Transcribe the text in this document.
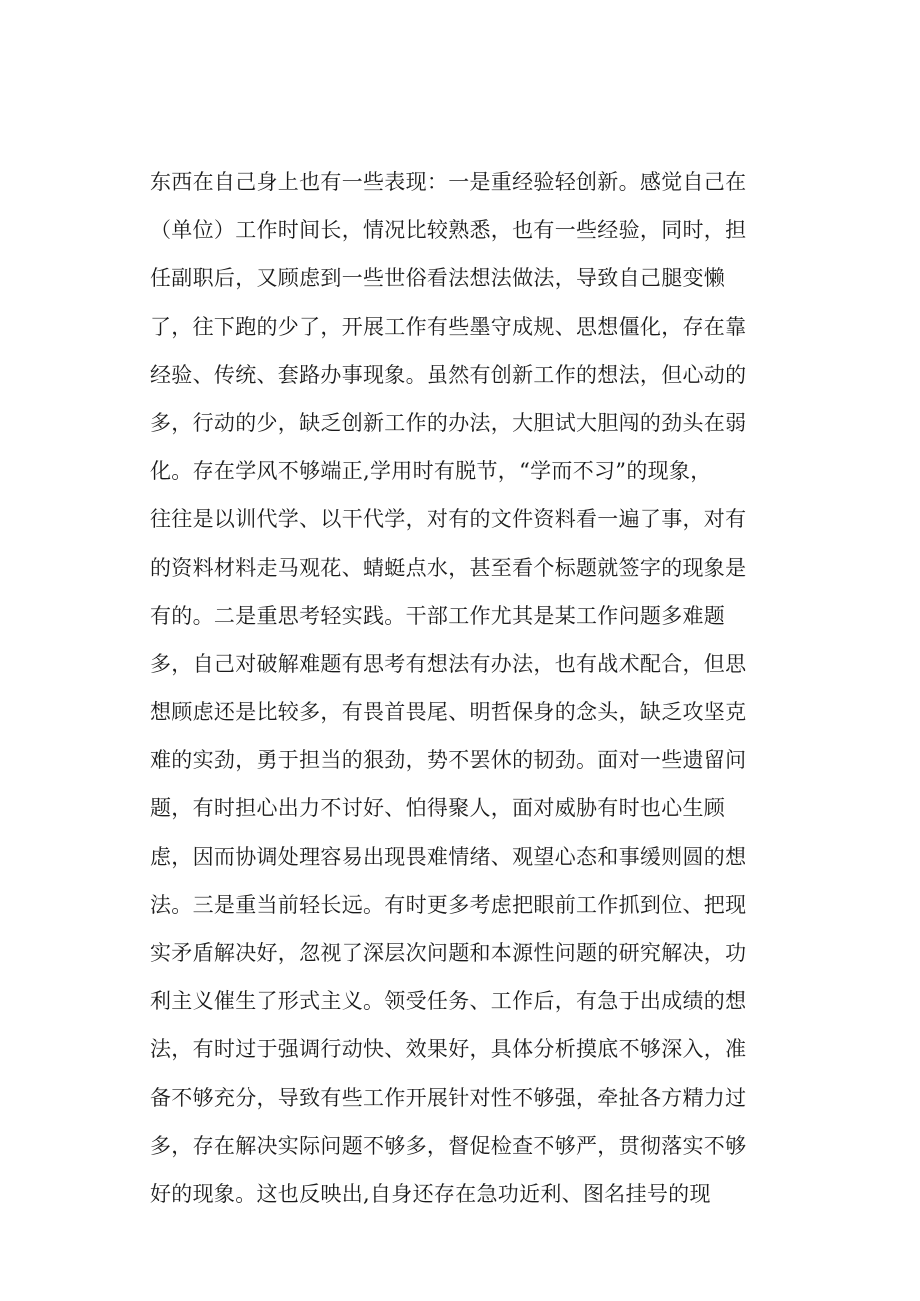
东西在自己身上也有一些表现：一是重经验轻创新。感觉自己在
（单位）工作时间长，情况比较熟悉，也有一些经验，同时，担
任副职后，又顾虑到一些世俗看法想法做法，导致自己腿变懒
了，往下跑的少了，开展工作有些墨守成规、思想僵化，存在靠
经验、传统、套路办事现象。虽然有创新工作的想法，但心动的
多，行动的少，缺乏创新工作的办法，大胆试大胆闯的劲头在弱
化。存在学风不够端正,学用时有脱节，“学而不习”的现象，
往往是以训代学、以干代学，对有的文件资料看一遍了事，对有
的资料材料走马观花、蜻蜓点水，甚至看个标题就签字的现象是
有的。二是重思考轻实践。干部工作尤其是某工作问题多难题
多，自己对破解难题有思考有想法有办法，也有战术配合，但思
想顾虑还是比较多，有畏首畏尾、明哲保身的念头，缺乏攻坚克
难的实劲，勇于担当的狠劲，势不罢休的韧劲。面对一些遗留问
题，有时担心出力不讨好、怕得聚人，面对威胁有时也心生顾
虑，因而协调处理容易出现畏难情绪、观望心态和事缓则圆的想
法。三是重当前轻长远。有时更多考虑把眼前工作抓到位、把现
实矛盾解决好，忽视了深层次问题和本源性问题的研究解决，功
利主义催生了形式主义。领受任务、工作后，有急于出成绩的想
法，有时过于强调行动快、效果好，具体分析摸底不够深入，准
备不够充分，导致有些工作开展针对性不够强，牵扯各方精力过
多，存在解决实际问题不够多，督促检查不够严，贯彻落实不够
好的现象。这也反映出,自身还存在急功近利、图名挂号的现
